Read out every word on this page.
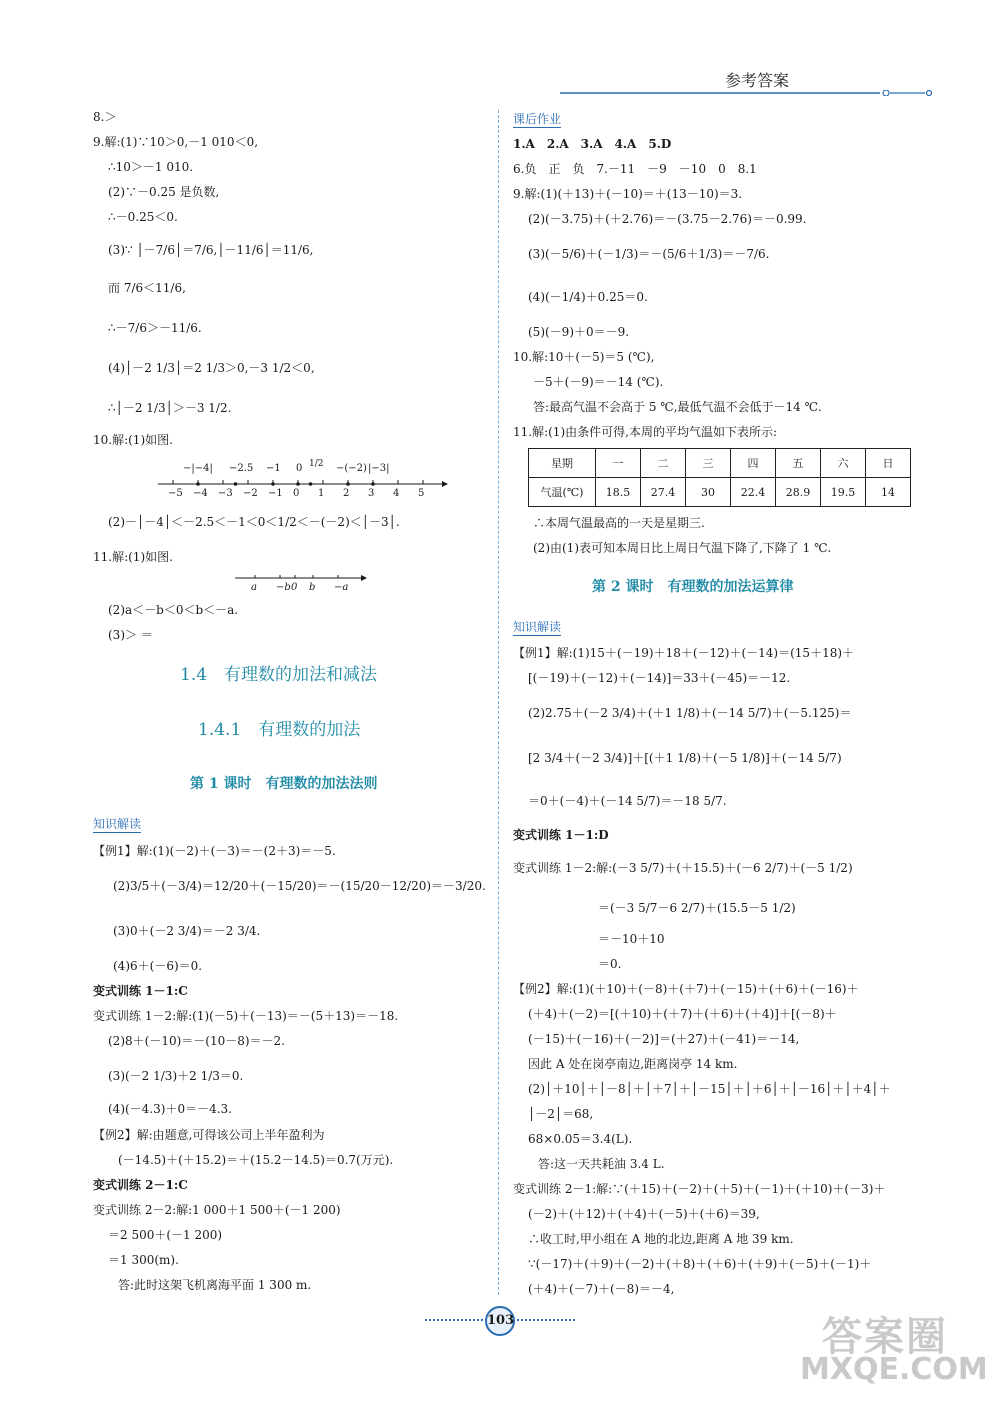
参考答案
8.＞
9.解:(1)∵10＞0,－1 010＜0,
∴10＞－1 010.
(2)∵－0.25 是负数,
∴－0.25＜0.
(3)∵ │－7/6│＝7/6,│－11/6│＝11/6,
而 7/6＜11/6,
∴－7/6＞－11/6.
(4)│－2 1/3│＝2 1/3＞0,－3 1/2＜0,
∴│－2 1/3│＞－3 1/2.
10.解:(1)如图.
−|−4| −2.5 −1 0 1/2 −(−2) |−3|
−5 −4 −3 −2 −1 0 1 2 3 4 5
(2)－│－4│＜－2.5＜－1＜0＜1/2＜－(－2)＜│－3│.
11.解:(1)如图.
a −b 0 b −a
(2)a＜－b＜0＜b＜－a.
(3)＞ ＝
1.4　有理数的加法和减法
1.4.1　有理数的加法
第 1 课时　有理数的加法法则
知识解读
【例1】解:(1)(－2)＋(－3)＝－(2＋3)＝－5.
(2)3/5＋(－3/4)＝12/20＋(－15/20)＝－(15/20－12/20)＝－3/20.
(3)0＋(－2 3/4)＝－2 3/4.
(4)6＋(－6)＝0.
变式训练 1－1:C
变式训练 1－2:解:(1)(－5)＋(－13)＝－(5＋13)＝－18.
(2)8＋(－10)＝－(10－8)＝－2.
(3)(－2 1/3)＋2 1/3＝0.
(4)(－4.3)＋0＝－4.3.
【例2】解:由题意,可得该公司上半年盈利为
(－14.5)＋(＋15.2)＝＋(15.2－14.5)＝0.7(万元).
变式训练 2－1:C
变式训练 2－2:解:1 000＋1 500＋(－1 200)
＝2 500＋(－1 200)
＝1 300(m).
答:此时这架飞机离海平面 1 300 m.
课后作业
1.A　2.A　3.A　4.A　5.D
6.负　正　负　7.－11　－9　－10　0　8.1
9.解:(1)(＋13)＋(－10)＝＋(13－10)＝3.
(2)(－3.75)＋(＋2.76)＝－(3.75－2.76)＝－0.99.
(3)(－5/6)＋(－1/3)＝－(5/6＋1/3)＝－7/6.
(4)(－1/4)＋0.25＝0.
(5)(－9)＋0＝－9.
10.解:10＋(－5)＝5 (℃),
－5＋(－9)＝－14 (℃).
答:最高气温不会高于 5 ℃,最低气温不会低于－14 ℃.
11.解:(1)由条件可得,本周的平均气温如下表所示:
星期	一	二	三	四	五	六	日
气温(℃)	18.5	27.4	30	22.4	28.9	19.5	14
∴本周气温最高的一天是星期三.
(2)由(1)表可知本周日比上周日气温下降了,下降了 1 ℃.
第 2 课时　有理数的加法运算律
知识解读
【例1】解:(1)15＋(－19)＋18＋(－12)＋(－14)＝(15＋18)＋
[(－19)＋(－12)＋(－14)]＝33＋(－45)＝－12.
(2)2.75＋(－2 3/4)＋(＋1 1/8)＋(－14 5/7)＋(－5.125)＝
[2 3/4＋(－2 3/4)]＋[(＋1 1/8)＋(－5 1/8)]＋(－14 5/7)
＝0＋(－4)＋(－14 5/7)＝－18 5/7.
变式训练 1－1:D
变式训练 1－2:解:(－3 5/7)＋(＋15.5)＋(－6 2/7)＋(－5 1/2)
＝(－3 5/7－6 2/7)＋(15.5－5 1/2)
＝－10＋10
＝0.
【例2】解:(1)(＋10)＋(－8)＋(＋7)＋(－15)＋(＋6)＋(－16)＋
(＋4)＋(－2)＝[(＋10)＋(＋7)＋(＋6)＋(＋4)]＋[(－8)＋
(－15)＋(－16)＋(－2)]＝(＋27)＋(－41)＝－14,
因此 A 处在岗亭南边,距离岗亭 14 km.
(2)│＋10│＋│－8│＋│＋7│＋│－15│＋│＋6│＋│－16│＋│＋4│＋
│－2│＝68,
68×0.05＝3.4(L).
答:这一天共耗油 3.4 L.
变式训练 2－1:解:∵(＋15)＋(－2)＋(＋5)＋(－1)＋(＋10)＋(－3)＋
(－2)＋(＋12)＋(＋4)＋(－5)＋(＋6)＝39,
∴收工时,甲小组在 A 地的北边,距离 A 地 39 km.
∵(－17)＋(＋9)＋(－2)＋(＋8)＋(＋6)＋(＋9)＋(－5)＋(－1)＋
(＋4)＋(－7)＋(－8)＝－4,
103	答案圈
MXQE.COM
